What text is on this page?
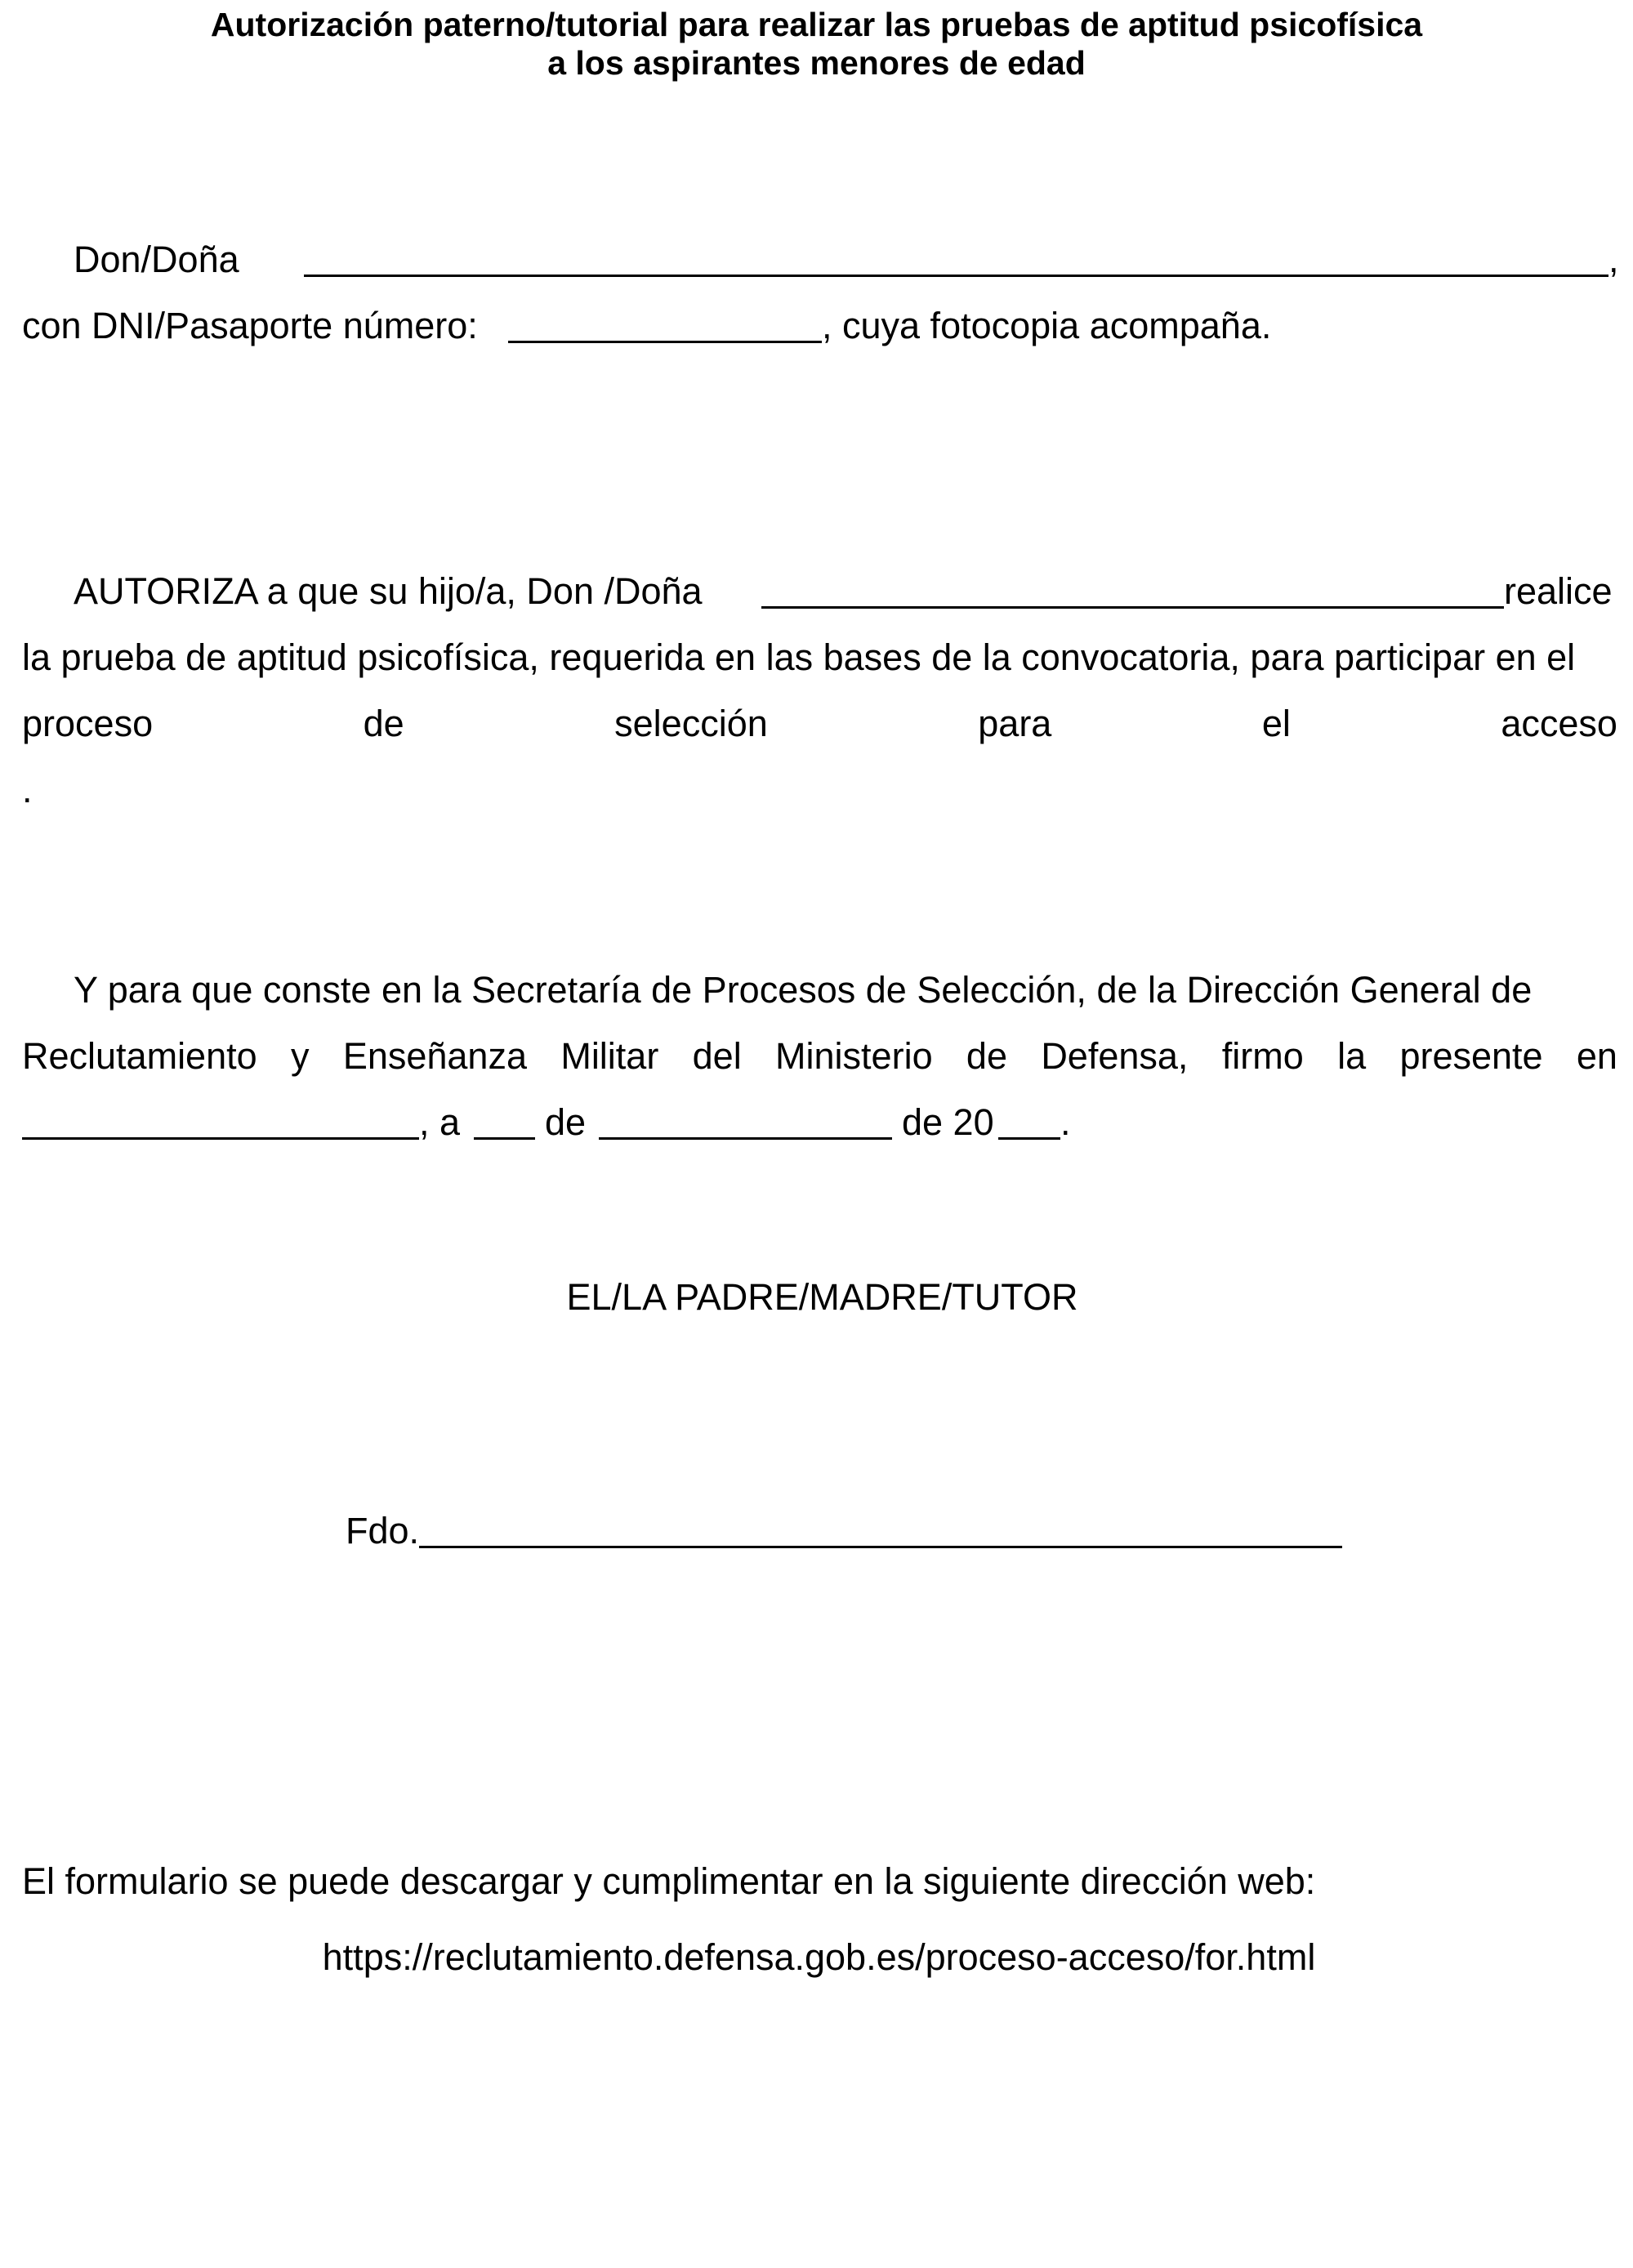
Autorización paterno/tutorial para realizar las pruebas de aptitud psicofísica
a los aspirantes menores de edad
Don/Doña	,
con DNI/Pasaporte número:	, cuya fotocopia acompaña.
AUTORIZA a que su hijo/a, Don /Doña	realice
la prueba de aptitud psicofísica, requerida en las bases de la convocatoria, para participar en el
proceso	de	selección	para	el	acceso
.
Y para que conste en la Secretaría de Procesos de Selección, de la Dirección General de
Reclutamiento y Enseñanza Militar del Ministerio de Defensa, firmo la presente en
, a de	de 20 .
EL/LA PADRE/MADRE/TUTOR
Fdo.
El formulario se puede descargar y cumplimentar en la siguiente dirección web:
https://reclutamiento.defensa.gob.es/proceso-acceso/for.html
